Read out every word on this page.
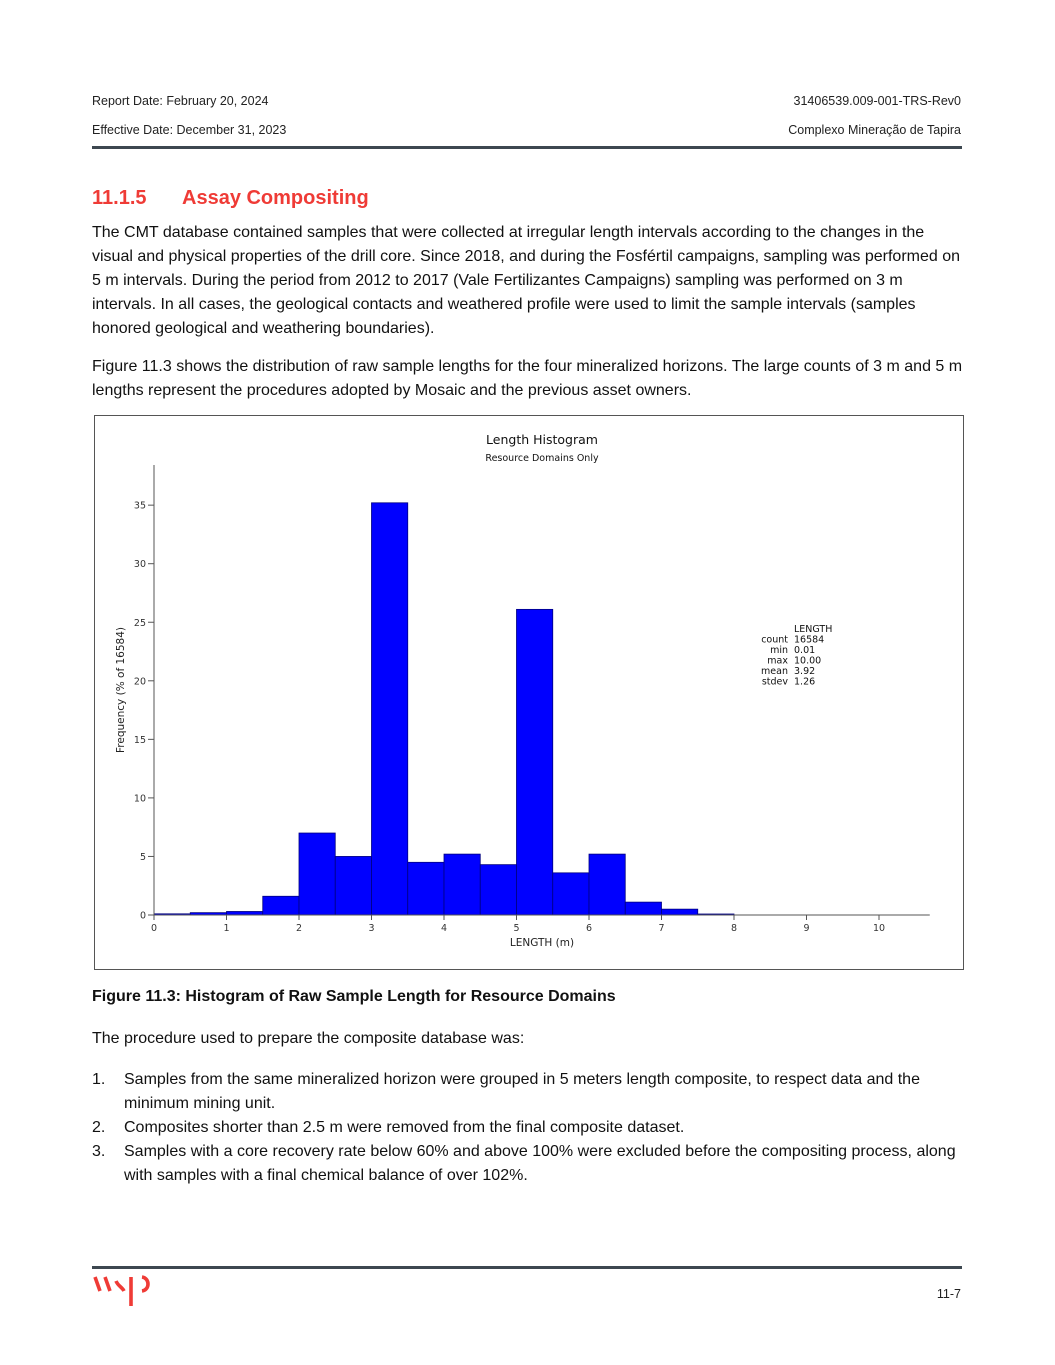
Report Date: February 20, 2024	31406539.009-001-TRS-Rev0
Effective Date: December 31, 2023	Complexo Mineração de Tapira
11.1.5 Assay Compositing

The CMT database contained samples that were collected at irregular length intervals according to the changes in the visual and physical properties of the drill core. Since 2018, and during the Fosfértil campaigns, sampling was performed on 5 m intervals. During the period from 2012 to 2017 (Vale Fertilizantes Campaigns) sampling was performed on 3 m intervals. In all cases, the geological contacts and weathered profile were used to limit the sample intervals (samples honored geological and weathering boundaries).

Figure 11.3 shows the distribution of raw sample lengths for the four mineralized horizons. The large counts of 3 m and 5 m lengths represent the procedures adopted by Mosaic and the previous asset owners.

Length Histogram
Resource Domains Only
0
5
10
15
20
25
30
35
0	1	2	3	4	5	6	7	8	9	10
LENGTH (m)
Frequency (% of 16584)	LENGTH
count 16584
min 0.01
max 10.00
mean 3.92
stdev 1.26
Figure 11.3: Histogram of Raw Sample Length for Resource Domains

The procedure used to prepare the composite database was:

1. Samples from the same mineralized horizon were grouped in 5 meters length composite, to respect data and the minimum mining unit.
2. Composites shorter than 2.5 m were removed from the final composite dataset.
3. Samples with a core recovery rate below 60% and above 100% were excluded before the compositing process, along with samples with a final chemical balance of over 102%.
11-7
